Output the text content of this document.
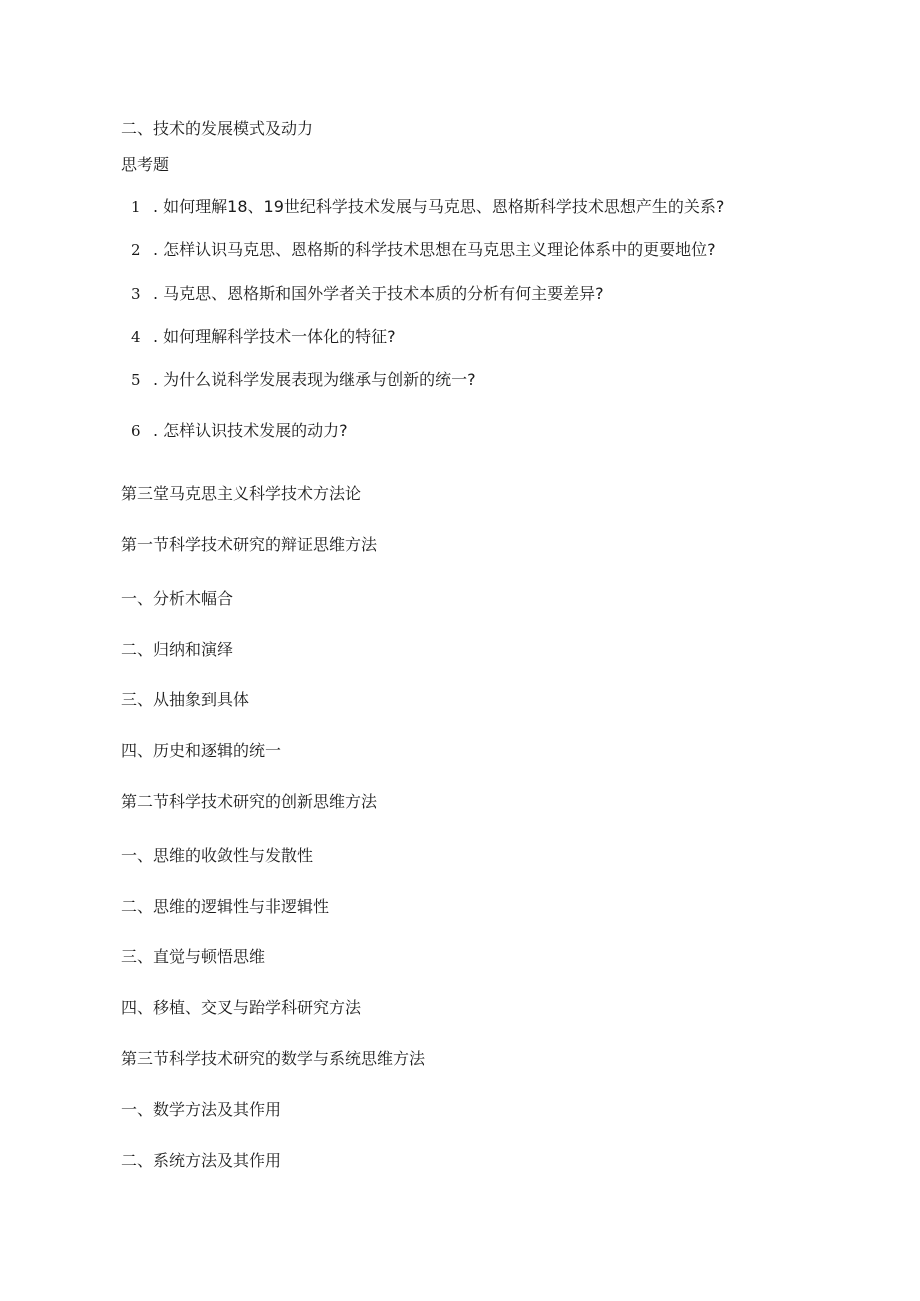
二、技术的发展模式及动力
思考题
1 . 如何理解18、19世纪科学技术发展与马克思、恩格斯科学技术思想产生的关系?
2 . 怎样认识马克思、恩格斯的科学技术思想在马克思主义理论体系中的更要地位?
3 . 马克思、恩格斯和国外学者关于技术本质的分析有何主要差异?
4 . 如何理解科学技术一体化的特征?
5 . 为什么说科学发展表现为继承与创新的统一?
6 . 怎样认识技术发展的动力?
第三堂马克思主义科学技术方法论
第一节科学技术研究的辩证思维方法
一、分析木幅合
二、归纳和演绎
三、从抽象到具体
四、历史和逐辑的统一
第二节科学技术研究的创新思维方法
一、思维的收敛性与发散性
二、思维的逻辑性与非逻辑性
三、直觉与顿悟思维
四、移植、交叉与跆学科研究方法
第三节科学技术研究的数学与系统思维方法
一、数学方法及其作用
二、系统方法及其作用
